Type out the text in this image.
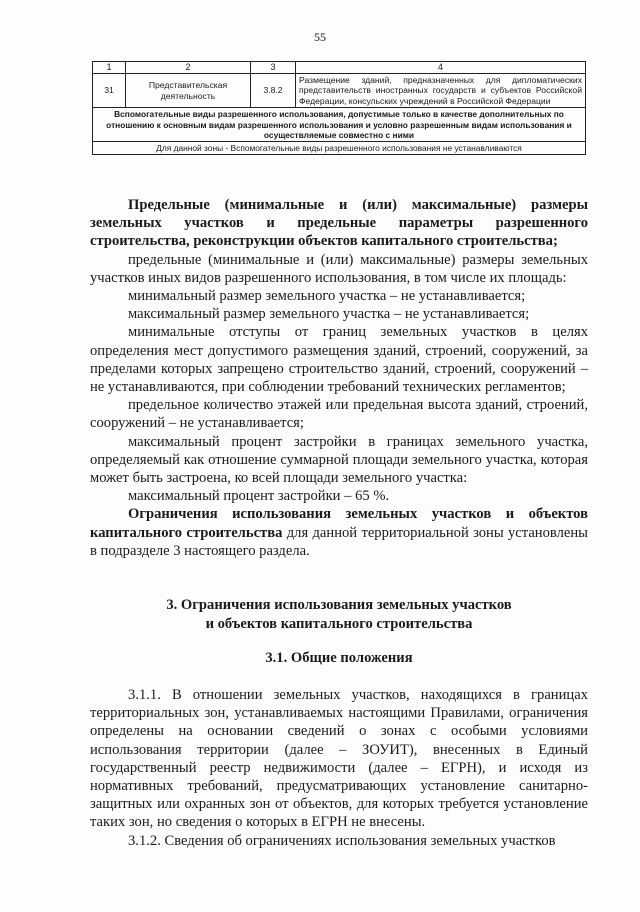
55
1	2	3	4
31	Представительская деятельность	3.8.2	Размещение зданий, предназначенных для дипломатических представительств иностранных государств и субъектов Российской Федерации, консульских учреждений в Российской Федерации
Вспомогательные виды разрешенного использования, допустимые только в качестве дополнительных по отношению к основным видам разрешенного использования и условно разрешенным видам использования и осуществляемые совместно с ними			
Для данной зоны - Вспомогательные виды разрешенного использования не устанавливаются			

Предельные (минимальные и (или) максимальные) размеры земельных участков и предельные параметры разрешенного строительства, реконструкции объектов капитального строительства;

предельные (минимальные и (или) максимальные) размеры земельных участков иных видов разрешенного использования, в том числе их площадь:

минимальный размер земельного участка – не устанавливается;

максимальный размер земельного участка – не устанавливается;

минимальные отступы от границ земельных участков в целях определения мест допустимого размещения зданий, строений, сооружений, за пределами которых запрещено строительство зданий, строений, сооружений – не устанавливаются, при соблюдении требований технических регламентов;

предельное количество этажей или предельная высота зданий, строений, сооружений – не устанавливается;

максимальный процент застройки в границах земельного участка, определяемый как отношение суммарной площади земельного участка, которая может быть застроена, ко всей площади земельного участка:

максимальный процент застройки – 65 %.

Ограничения использования земельных участков и объектов капитального строительства для данной территориальной зоны установлены в подразделе 3 настоящего раздела.

3. Ограничения использования земельных участков

и объектов капитального строительства

3.1. Общие положения

3.1.1. В отношении земельных участков, находящихся в границах территориальных зон, устанавливаемых настоящими Правилами, ограничения определены на основании сведений о зонах с особыми условиями использования территории (далее – ЗОУИТ), внесенных в Единый государственный реестр недвижимости (далее – ЕГРН), и исходя из нормативных требований, предусматривающих установление санитарно-защитных или охранных зон от объектов, для которых требуется установление таких зон, но сведения о которых в ЕГРН не внесены.

3.1.2. Сведения об ограничениях использования земельных участков
